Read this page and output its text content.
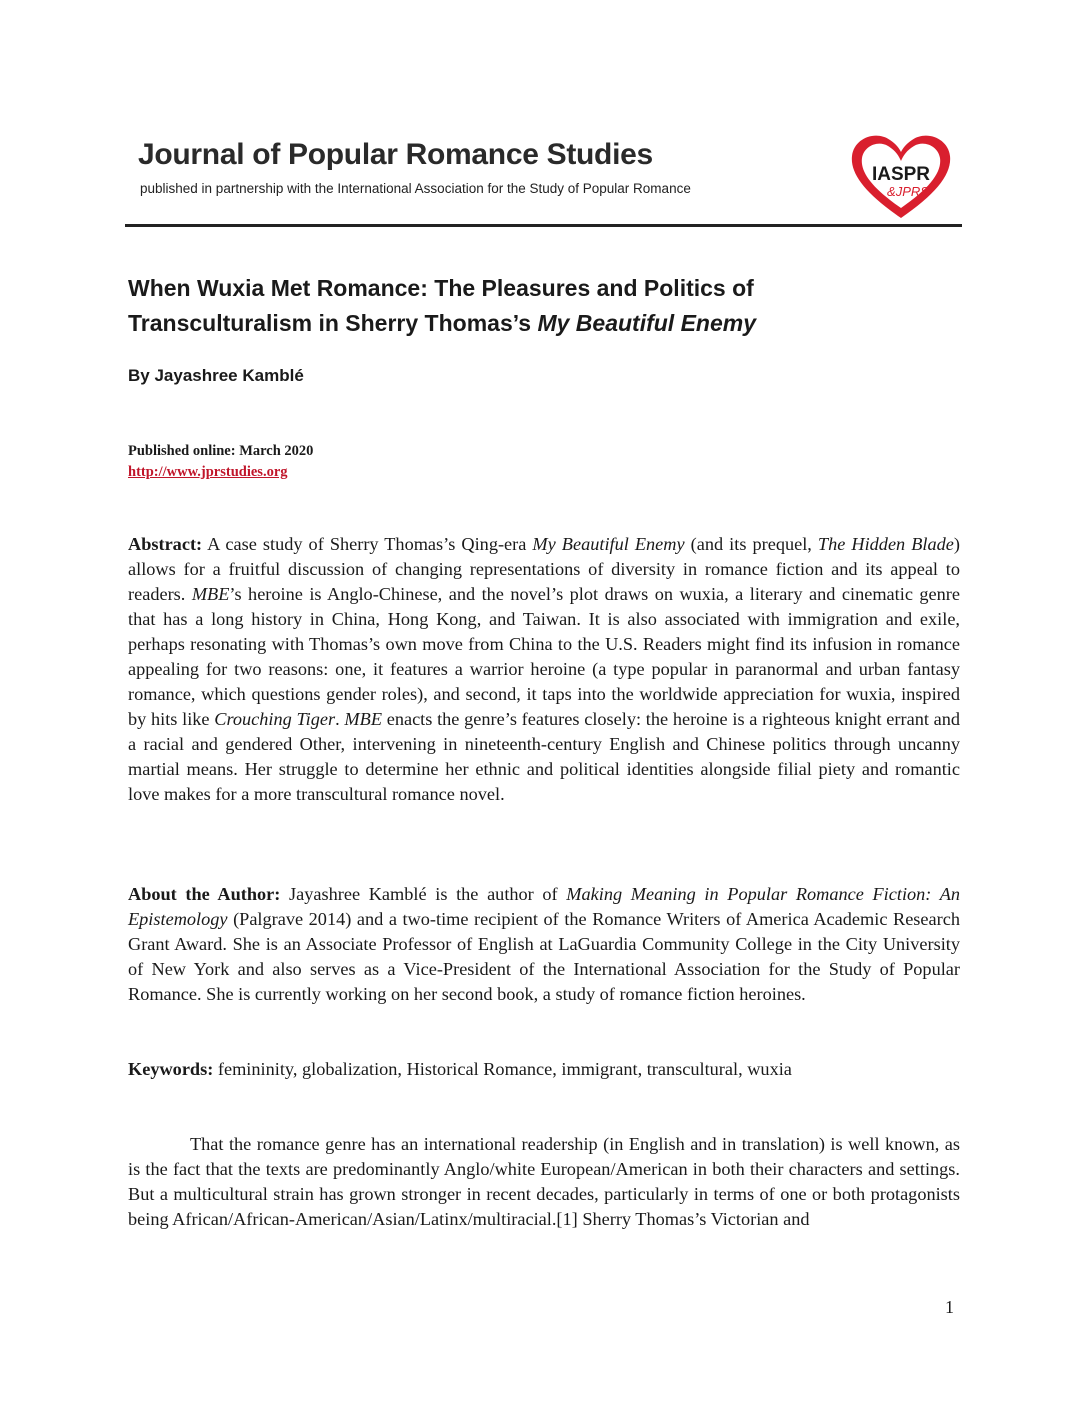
Journal of Popular Romance Studies
published in partnership with the International Association for the Study of Popular Romance
IASPR
&JPRS
When Wuxia Met Romance: The Pleasures and Politics of
Transculturalism in Sherry Thomas’s My Beautiful Enemy
By Jayashree Kamblé
Published online: March 2020
http://www.jprstudies.org

Abstract: A case study of Sherry Thomas’s Qing-era My Beautiful Enemy (and its prequel, The Hidden Blade) allows for a fruitful discussion of changing representations of diversity in romance fiction and its appeal to readers. MBE’s heroine is Anglo-Chinese, and the novel’s plot draws on wuxia, a literary and cinematic genre that has a long history in China, Hong Kong, and Taiwan. It is also associated with immigration and exile, perhaps resonating with Thomas’s own move from China to the U.S. Readers might find its infusion in romance appealing for two reasons: one, it features a warrior heroine (a type popular in paranormal and urban fantasy romance, which questions gender roles), and second, it taps into the worldwide appreciation for wuxia, inspired by hits like Crouching Tiger. MBE enacts the genre’s features closely: the heroine is a righteous knight errant and a racial and gendered Other, intervening in nineteenth-century English and Chinese politics through uncanny martial means. Her struggle to determine her ethnic and political identities alongside filial piety and romantic love makes for a more transcultural romance novel.

About the Author: Jayashree Kamblé is the author of Making Meaning in Popular Romance Fiction: An Epistemology (Palgrave 2014) and a two-time recipient of the Romance Writers of America Academic Research Grant Award. She is an Associate Professor of English at LaGuardia Community College in the City University of New York and also serves as a Vice-President of the International Association for the Study of Popular Romance. She is currently working on her second book, a study of romance fiction heroines.

Keywords: femininity, globalization, Historical Romance, immigrant, transcultural, wuxia

That the romance genre has an international readership (in English and in translation) is well known, as is the fact that the texts are predominantly Anglo/white European/American in both their characters and settings. But a multicultural strain has grown stronger in recent decades, particularly in terms of one or both protagonists being African/African-American/Asian/Latinx/multiracial.[1] Sherry Thomas’s Victorian and

1
